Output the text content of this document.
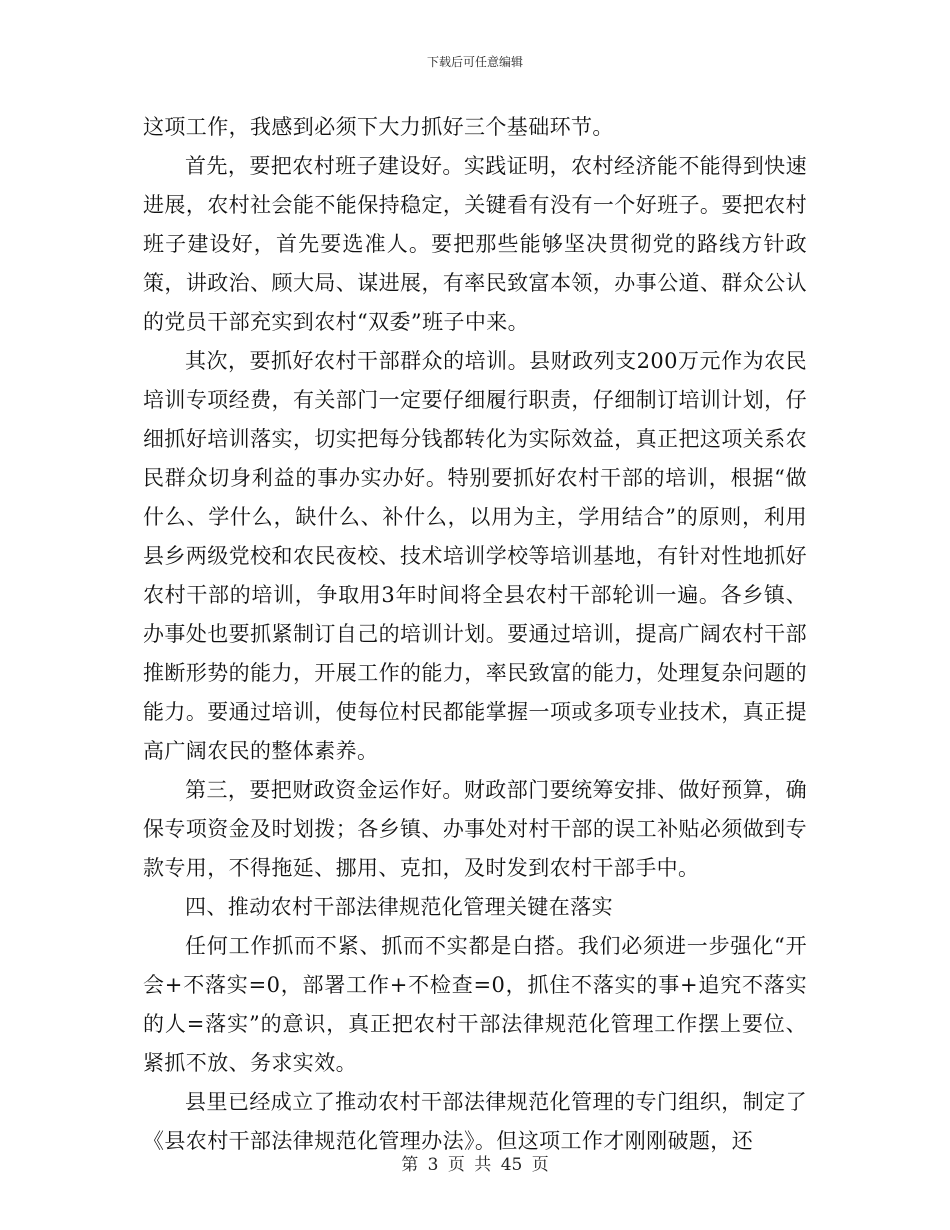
下载后可任意编辑

这项工作，我感到必须下大力抓好三个基础环节。

首先，要把农村班子建设好。实践证明，农村经济能不能得到快速进展，农村社会能不能保持稳定，关键看有没有一个好班子。要把农村班子建设好，首先要选准人。要把那些能够坚决贯彻党的路线方针政策，讲政治、顾大局、谋进展，有率民致富本领，办事公道、群众公认的党员干部充实到农村“双委”班子中来。

其次，要抓好农村干部群众的培训。县财政列支200万元作为农民培训专项经费，有关部门一定要仔细履行职责，仔细制订培训计划，仔细抓好培训落实，切实把每分钱都转化为实际效益，真正把这项关系农民群众切身利益的事办实办好。特别要抓好农村干部的培训，根据“做什么、学什么，缺什么、补什么，以用为主，学用结合”的原则，利用县乡两级党校和农民夜校、技术培训学校等培训基地，有针对性地抓好农村干部的培训，争取用3年时间将全县农村干部轮训一遍。各乡镇、办事处也要抓紧制订自己的培训计划。要通过培训，提高广阔农村干部推断形势的能力，开展工作的能力，率民致富的能力，处理复杂问题的能力。要通过培训，使每位村民都能掌握一项或多项专业技术，真正提高广阔农民的整体素养。

第三，要把财政资金运作好。财政部门要统筹安排、做好预算，确保专项资金及时划拨；各乡镇、办事处对村干部的误工补贴必须做到专款专用，不得拖延、挪用、克扣，及时发到农村干部手中。

四、推动农村干部法律规范化管理关键在落实

任何工作抓而不紧、抓而不实都是白搭。我们必须进一步强化“开会+不落实=0，部署工作+不检查=0，抓住不落实的事+追究不落实的人=落实”的意识，真正把农村干部法律规范化管理工作摆上要位、紧抓不放、务求实效。

县里已经成立了推动农村干部法律规范化管理的专门组织，制定了《县农村干部法律规范化管理办法》。但这项工作才刚刚破题，还

第 3 页 共 45 页
